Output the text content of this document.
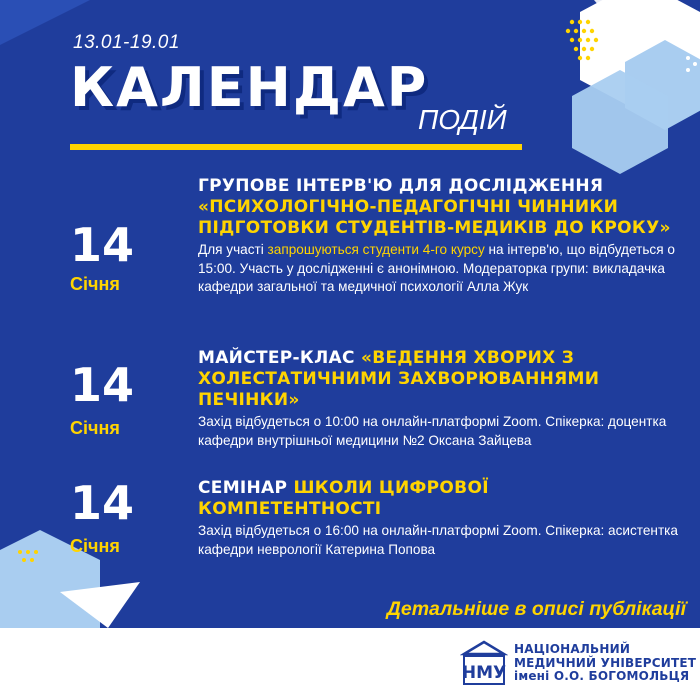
13.01-19.01
КАЛЕНДАР
ПОДІЙ
14
Січня
ГРУПОВЕ ІНТЕРВ'Ю ДЛЯ ДОСЛІДЖЕННЯ
«ПСИХОЛОГІЧНО-ПЕДАГОГІЧНІ ЧИННИКИ ПІДГОТОВКИ СТУДЕНТІВ-МЕДИКІВ ДО КРОКУ»
Для участі запрошуються студенти 4-го курсу на інтерв'ю, що відбудеться о 15:00. Участь у дослідженні є анонімною. Модераторка групи: викладачка кафедри загальної та медичної психології Алла Жук
14
Січня
МАЙСТЕР-КЛАС «ВЕДЕННЯ ХВОРИХ З ХОЛЕСТАТИЧНИМИ ЗАХВОРЮВАННЯМИ ПЕЧІНКИ»
Захід відбудеться о 10:00 на онлайн-платформі Zoom. Спікерка: доцентка кафедри внутрішньої медицини №2 Оксана Зайцева
14
Січня
СЕМІНАР ШКОЛИ ЦИФРОВОЇ КОМПЕТЕНТНОСТІ
Захід відбудеться о 16:00 на онлайн-платформі Zoom. Спікерка: асистентка кафедри неврології Катерина Попова
Детальніше в описі публікації
НМУ
НАЦІОНАЛЬНИЙ
МЕДИЧНИЙ УНІВЕРСИТЕТ
імені О.О. БОГОМОЛЬЦЯ
